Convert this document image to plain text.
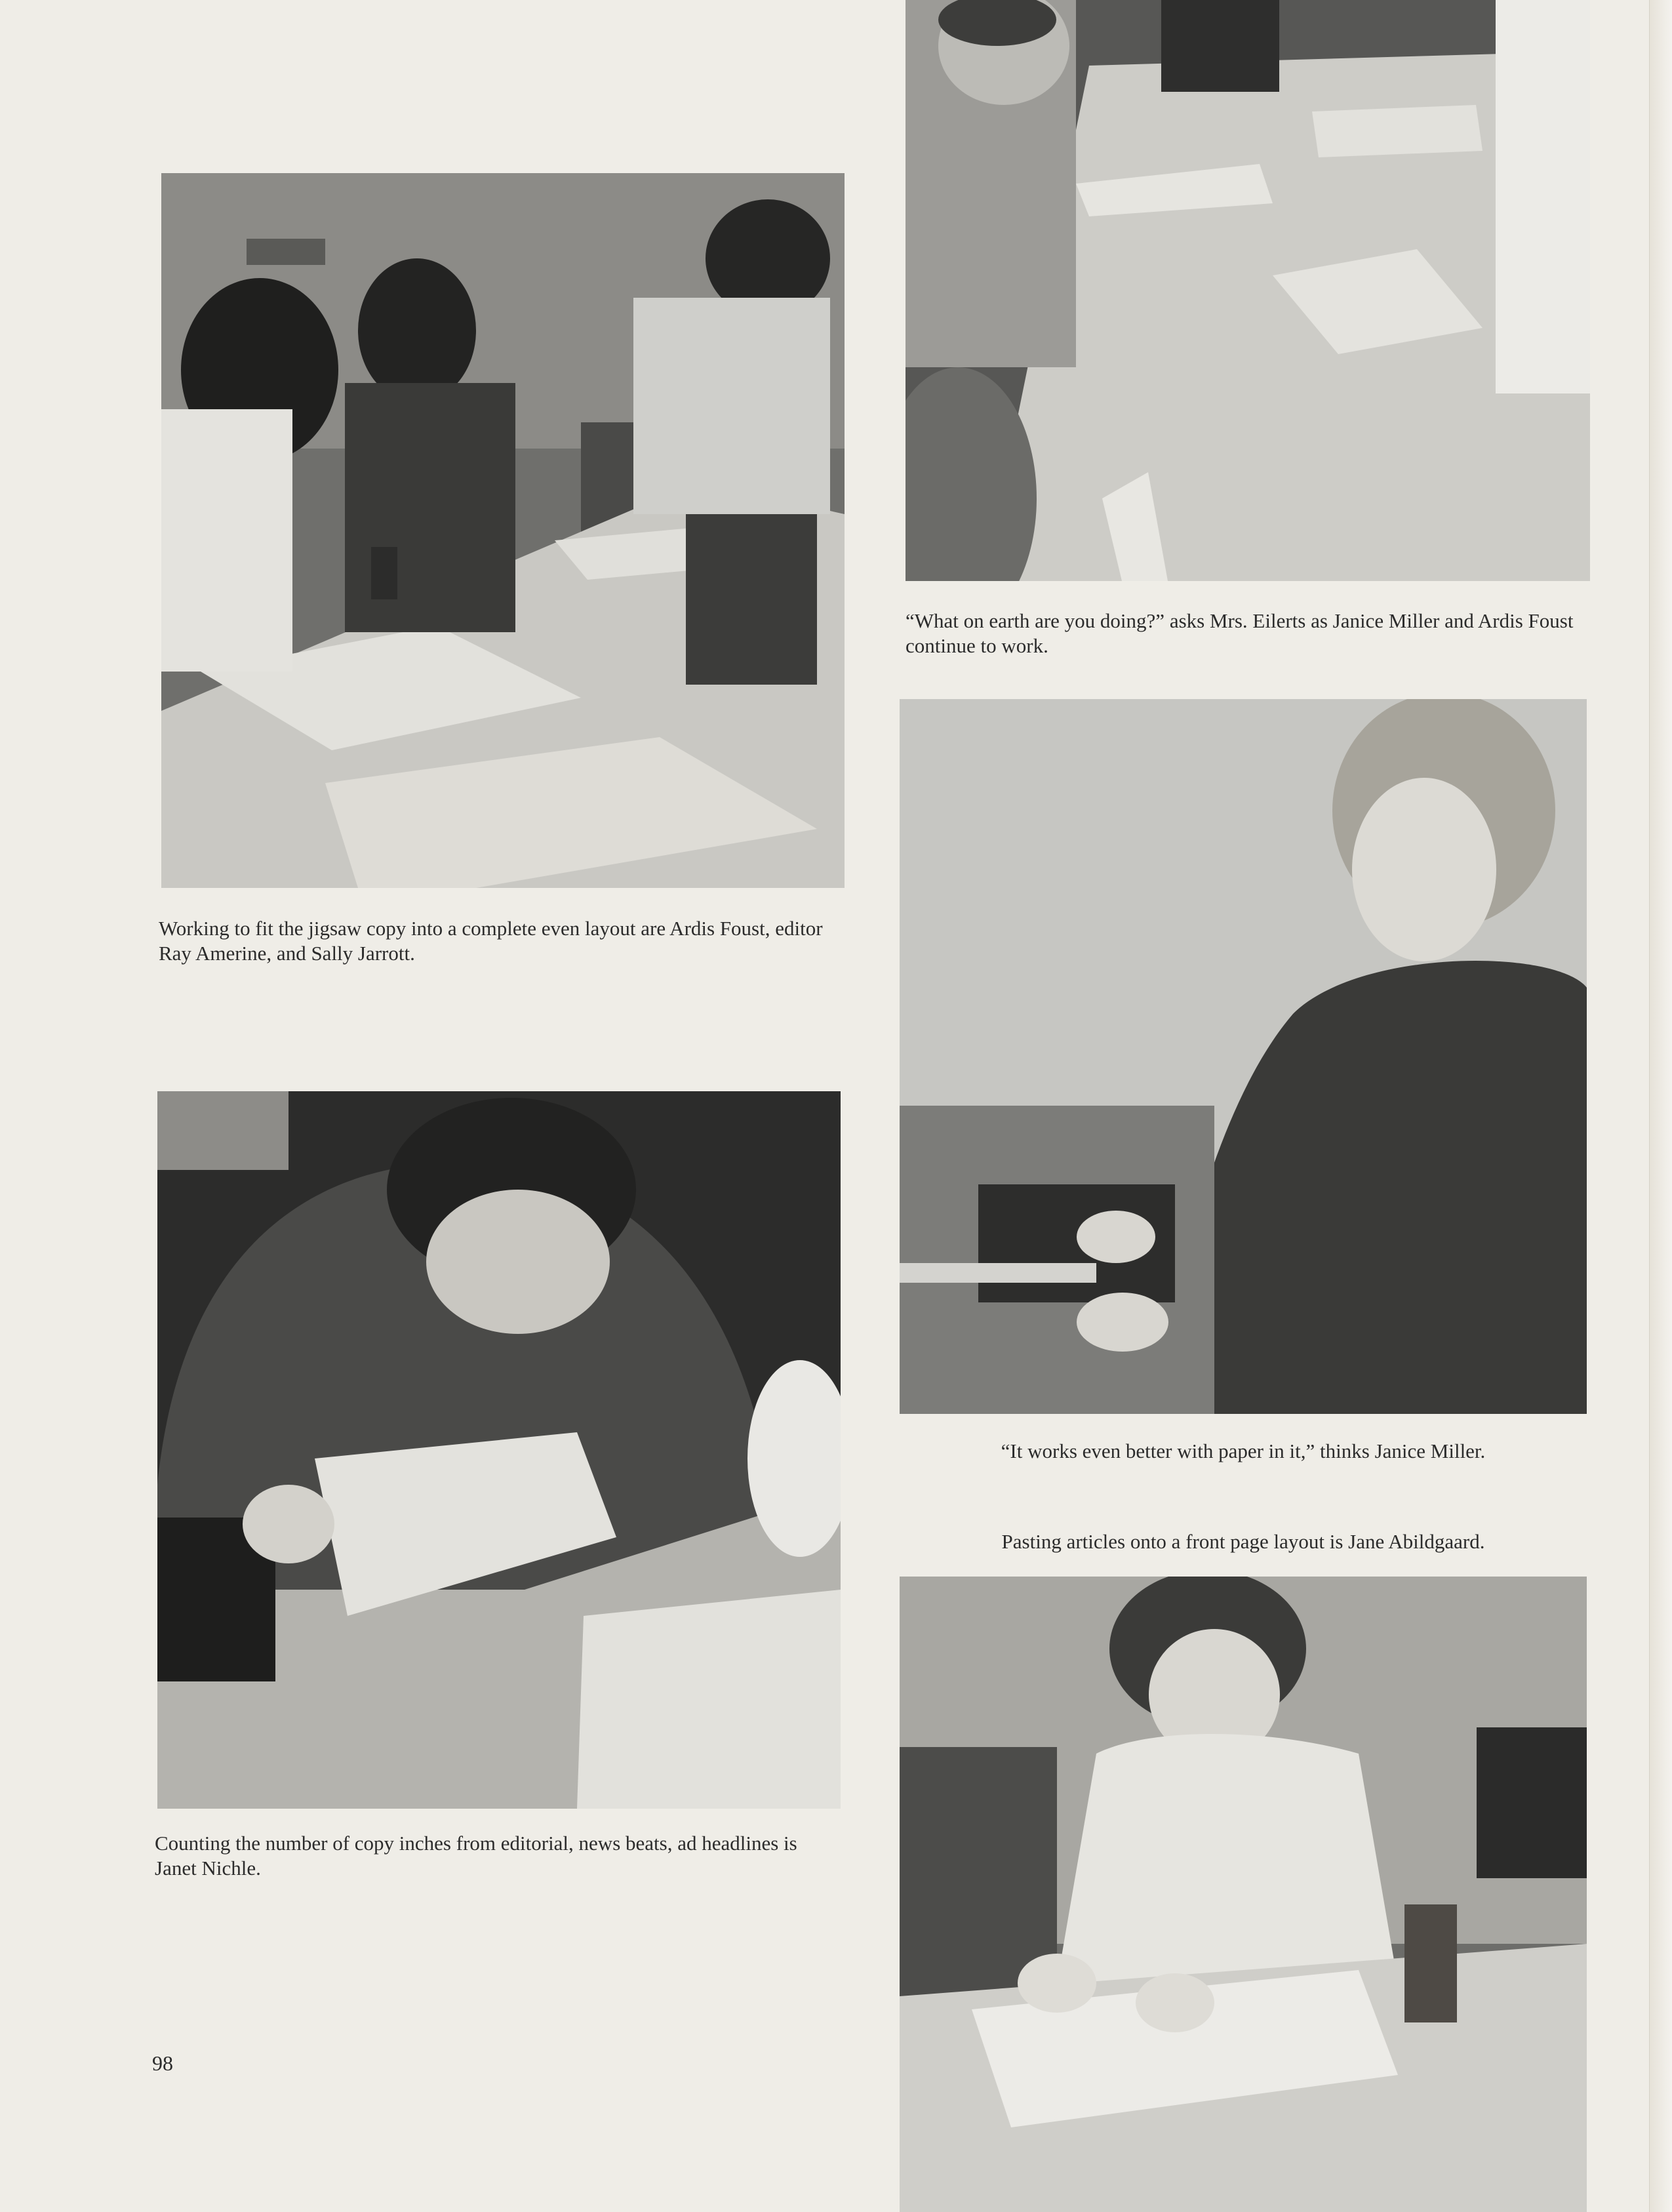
Working to fit the jigsaw copy into a complete even layout are Ardis Foust, editor Ray Amerine, and Sally Jarrott.

“What on earth are you doing?” asks Mrs. Eilerts as Janice Miller and Ardis Foust continue to work.

“It works even better with paper in it,” thinks Janice Miller.

Pasting articles onto a front page layout is Jane Abildgaard.

Counting the number of copy inches from editorial, news beats, ad headlines is Janet Nichle.

98
